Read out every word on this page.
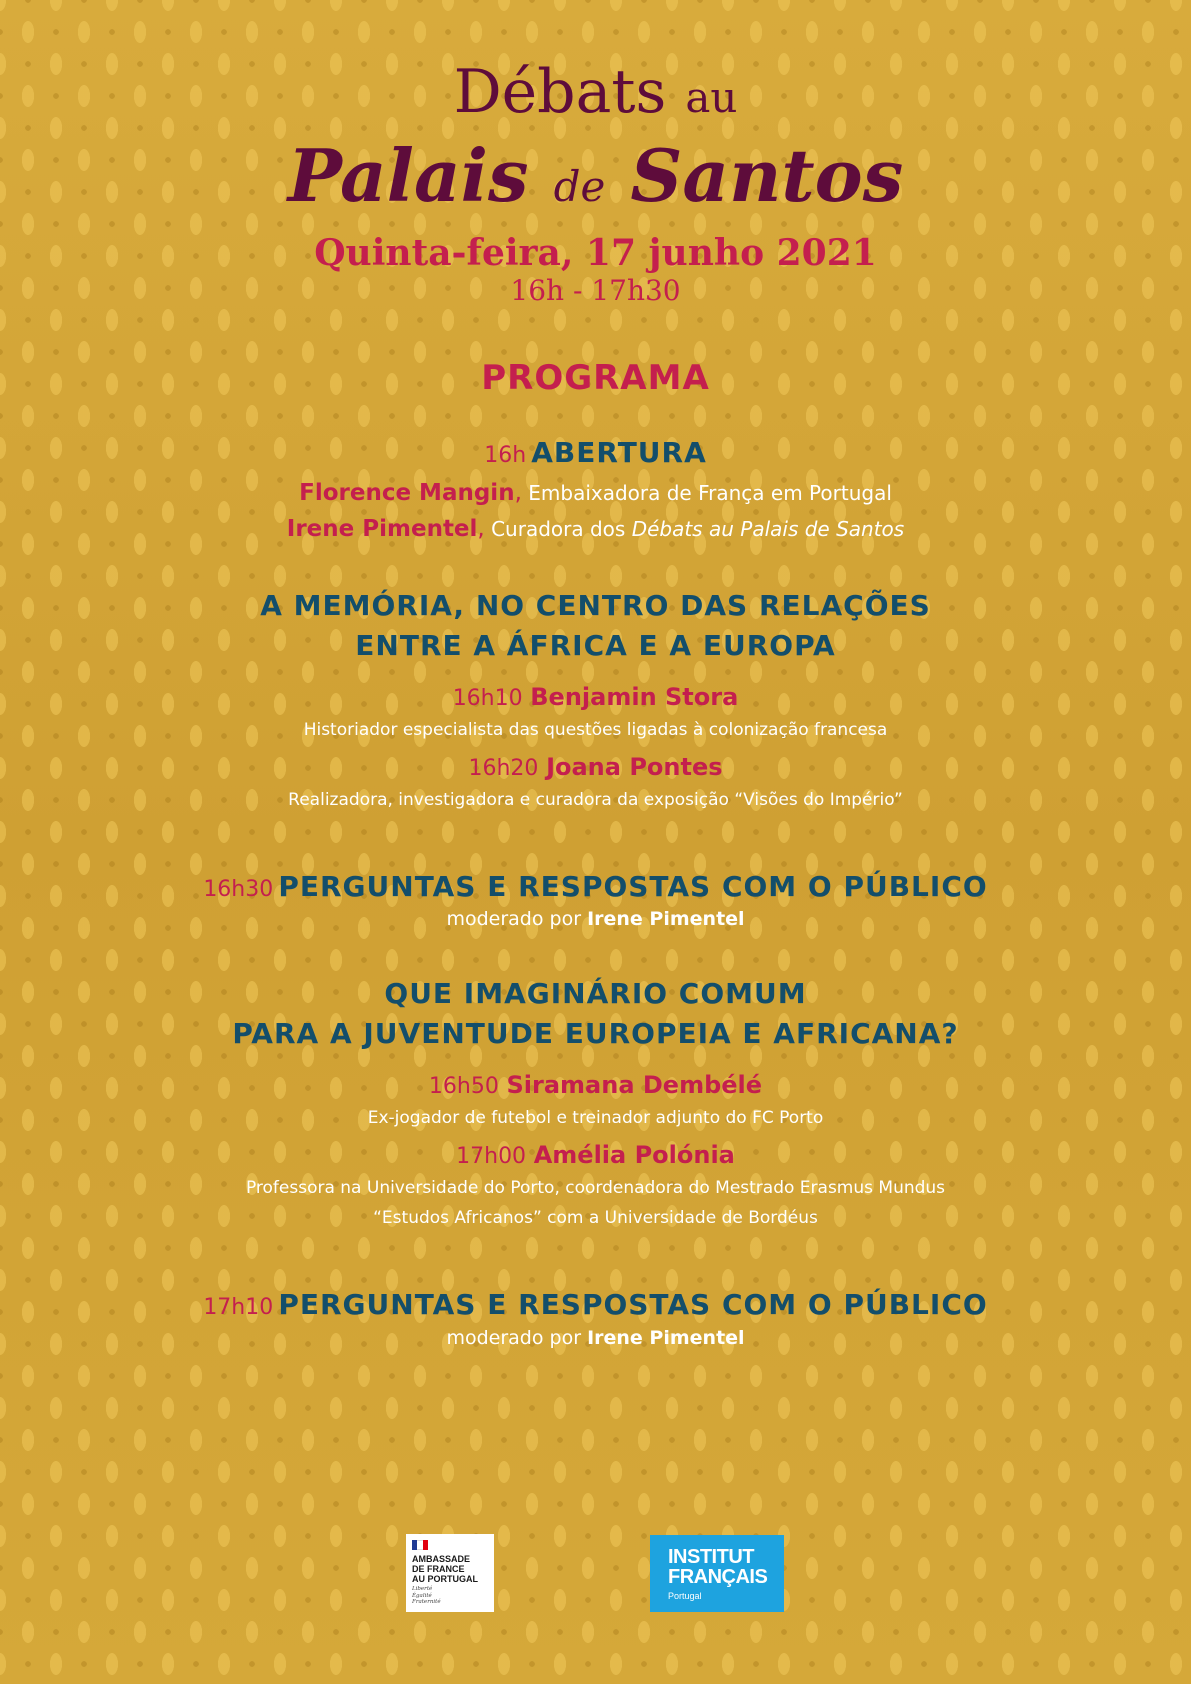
Débats au
Palais de Santos
Quinta-feira, 17 junho 2021
16h - 17h30
PROGRAMA
16h ABERTURA
Florence Mangin, Embaixadora de França em Portugal
Irene Pimentel, Curadora dos Débats au Palais de Santos
A MEMÓRIA, NO CENTRO DAS RELAÇÕES
ENTRE A ÁFRICA E A EUROPA
16h10 Benjamin Stora
Historiador especialista das questões ligadas à colonização francesa
16h20 Joana Pontes
Realizadora, investigadora e curadora da exposição “Visões do Império”
16h30 PERGUNTAS E RESPOSTAS COM O PÚBLICO
moderado por Irene Pimentel
QUE IMAGINÁRIO COMUM
PARA A JUVENTUDE EUROPEIA E AFRICANA?
16h50 Siramana Dembélé
Ex-jogador de futebol e treinador adjunto do FC Porto
17h00 Amélia Polónia
Professora na Universidade do Porto, coordenadora do Mestrado Erasmus Mundus
“Estudos Africanos” com a Universidade de Bordéus
17h10 PERGUNTAS E RESPOSTAS COM O PÚBLICO
moderado por Irene Pimentel
AMBASSADE
DE FRANCE
AU PORTUGAL
Liberté
Égalité
Fraternité
INSTITUT
FRANÇAIS
Portugal
